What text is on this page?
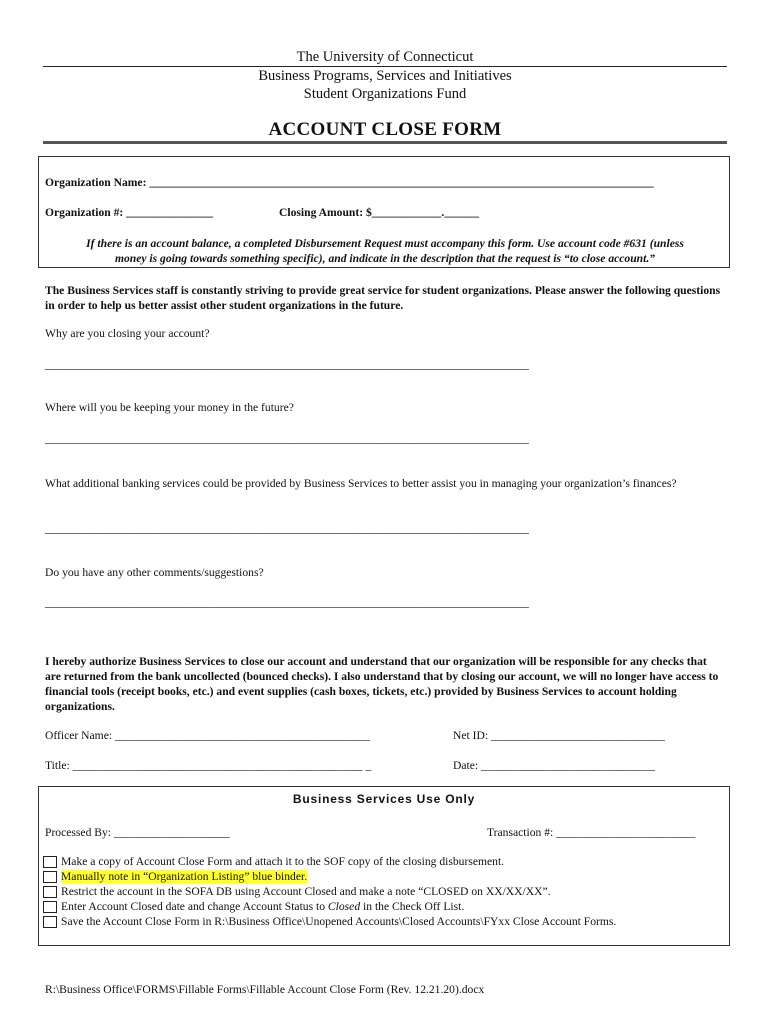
The University of Connecticut
Business Programs, Services and Initiatives
Student Organizations Fund
ACCOUNT CLOSE FORM
Organization Name: _______________________________________________________________________________________
Organization #: _______________	Closing Amount: $____________.______
If there is an account balance, a completed Disbursement Request must accompany this form. Use account code #631 (unless
money is going towards something specific), and indicate in the description that the request is “to close account.”
The Business Services staff is constantly striving to provide great service for student organizations. Please answer the following questions in order to help us better assist other student organizations in the future.
Why are you closing your account?
_____________________________________________________________________________________________
Where will you be keeping your money in the future?
_____________________________________________________________________________________________
What additional banking services could be provided by Business Services to better assist you in managing your organization’s finances?
_____________________________________________________________________________________________
Do you have any other comments/suggestions?
_____________________________________________________________________________________________
I hereby authorize Business Services to close our account and understand that our organization will be responsible for any checks that are returned from the bank uncollected (bounced checks). I also understand that by closing our account, we will no longer have access to financial tools (receipt books, etc.) and event supplies (cash boxes, tickets, etc.) provided by Business Services to account holding organizations.
Officer Name: ____________________________________________	Net ID: ______________________________
Title: __________________________________________________ _	Date: ______________________________
Business Services Use Only
Processed By: ____________________	Transaction #: ________________________
Make a copy of Account Close Form and attach it to the SOF copy of the closing disbursement.
Manually note in “Organization Listing” blue binder.
Restrict the account in the SOFA DB using Account Closed and make a note “CLOSED on XX/XX/XX”.
Enter Account Closed date and change Account Status to Closed in the Check Off List.
Save the Account Close Form in R:\Business Office\Unopened Accounts\Closed Accounts\FYxx Close Account Forms.
R:\Business Office\FORMS\Fillable Forms\Fillable Account Close Form (Rev. 12.21.20).docx
